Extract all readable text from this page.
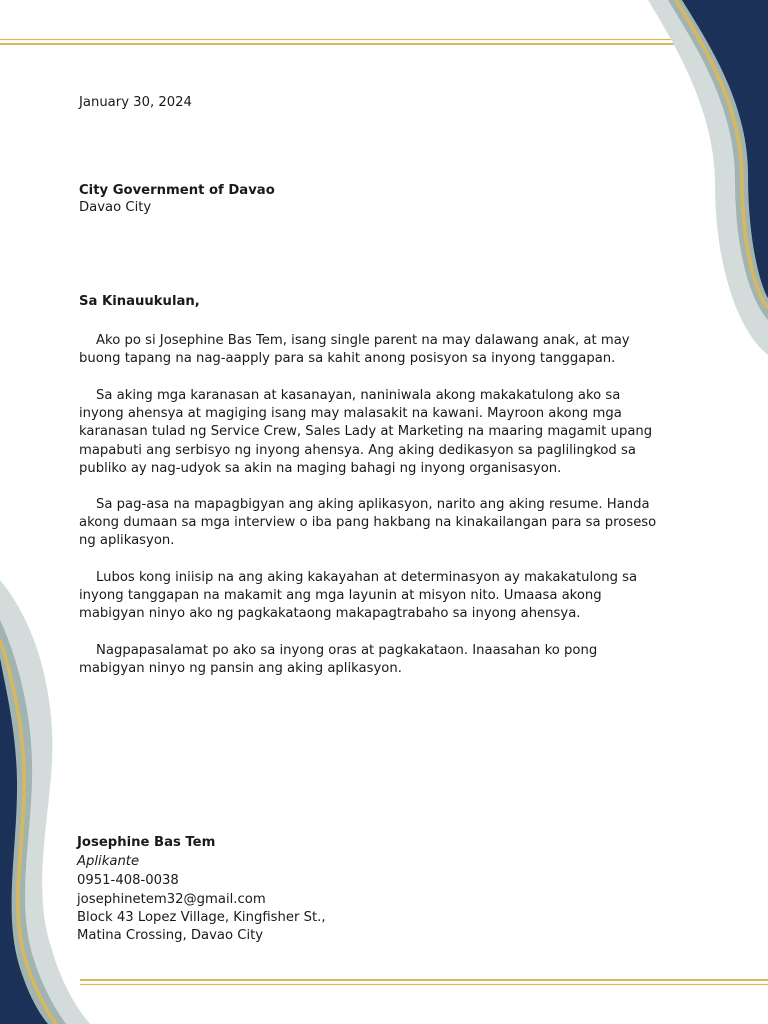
January 30, 2024
City Government of Davao
Davao City
Sa Kinauukulan,
Ako po si Josephine Bas Tem, isang single parent na may dalawang anak, at may
buong tapang na nag-aapply para sa kahit anong posisyon sa inyong tanggapan.
Sa aking mga karanasan at kasanayan, naniniwala akong makakatulong ako sa
inyong ahensya at magiging isang may malasakit na kawani. Mayroon akong mga
karanasan tulad ng Service Crew, Sales Lady at Marketing na maaring magamit upang
mapabuti ang serbisyo ng inyong ahensya. Ang aking dedikasyon sa paglilingkod sa
publiko ay nag-udyok sa akin na maging bahagi ng inyong organisasyon.
Sa pag-asa na mapagbigyan ang aking aplikasyon, narito ang aking resume. Handa
akong dumaan sa mga interview o iba pang hakbang na kinakailangan para sa proseso
ng aplikasyon.
Lubos kong iniisip na ang aking kakayahan at determinasyon ay makakatulong sa
inyong tanggapan na makamit ang mga layunin at misyon nito. Umaasa akong
mabigyan ninyo ako ng pagkakataong makapagtrabaho sa inyong ahensya.
Nagpapasalamat po ako sa inyong oras at pagkakataon. Inaasahan ko pong
mabigyan ninyo ng pansin ang aking aplikasyon.
Josephine Bas Tem
Aplikante
0951-408-0038
josephinetem32@gmail.com
Block 43 Lopez Village, Kingfisher St.,
Matina Crossing, Davao City
